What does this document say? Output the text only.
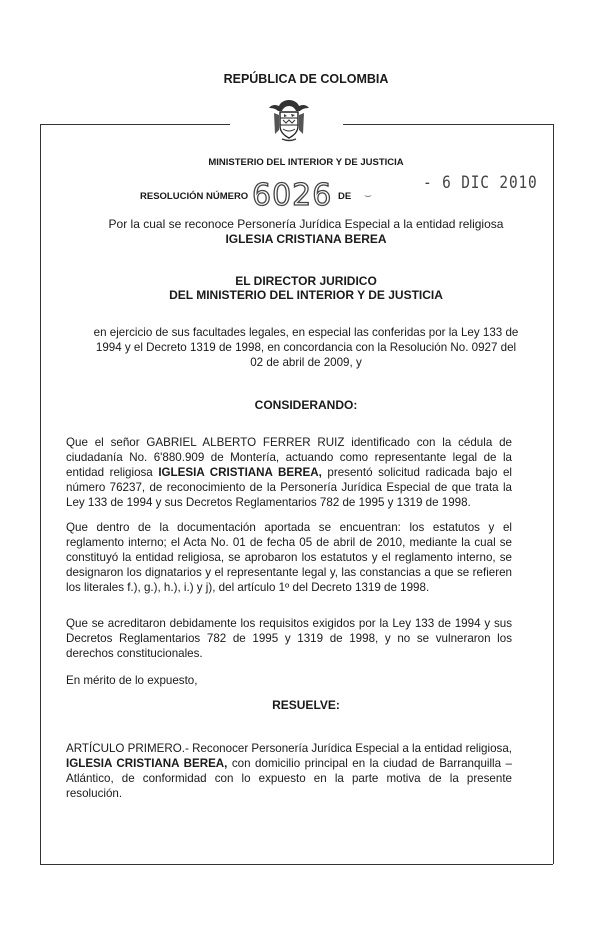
REPÚBLICA DE COLOMBIA
MINISTERIO DEL INTERIOR Y DE JUSTICIA
RESOLUCIÓN NÚMERO 6026 DE ⌣
- 6 DIC 2010
Por la cual se reconoce Personería Jurídica Especial a la entidad religiosa
IGLESIA CRISTIANA BEREA
EL DIRECTOR JURIDICO
DEL MINISTERIO DEL INTERIOR Y DE JUSTICIA
en ejercicio de sus facultades legales, en especial las conferidas por la Ley 133 de
1994 y el Decreto 1319 de 1998, en concordancia con la Resolución No. 0927 del
02 de abril de 2009, y
CONSIDERANDO:
Que el señor GABRIEL ALBERTO FERRER RUIZ identificado con la cédula de ciudadanía No. 6'880.909 de Montería, actuando como representante legal de la entidad religiosa IGLESIA CRISTIANA BEREA, presentó solicitud radicada bajo el número 76237, de reconocimiento de la Personería Jurídica Especial de que trata la Ley 133 de 1994 y sus Decretos Reglamentarios 782 de 1995 y 1319 de 1998.
Que dentro de la documentación aportada se encuentran: los estatutos y el reglamento interno; el Acta No. 01 de fecha 05 de abril de 2010, mediante la cual se constituyó la entidad religiosa, se aprobaron los estatutos y el reglamento interno, se designaron los dignatarios y el representante legal y, las constancias a que se refieren los literales f.), g.), h.), i.) y j), del artículo 1º del Decreto 1319 de 1998.
Que se acreditaron debidamente los requisitos exigidos por la Ley 133 de 1994 y sus Decretos Reglamentarios 782 de 1995 y 1319 de 1998, y no se vulneraron los derechos constitucionales.
En mérito de lo expuesto,
RESUELVE:
ARTÍCULO PRIMERO.- Reconocer Personería Jurídica Especial a la entidad religiosa, IGLESIA CRISTIANA BEREA, con domicilio principal en la ciudad de Barranquilla – Atlántico, de conformidad con lo expuesto en la parte motiva de la presente resolución.
